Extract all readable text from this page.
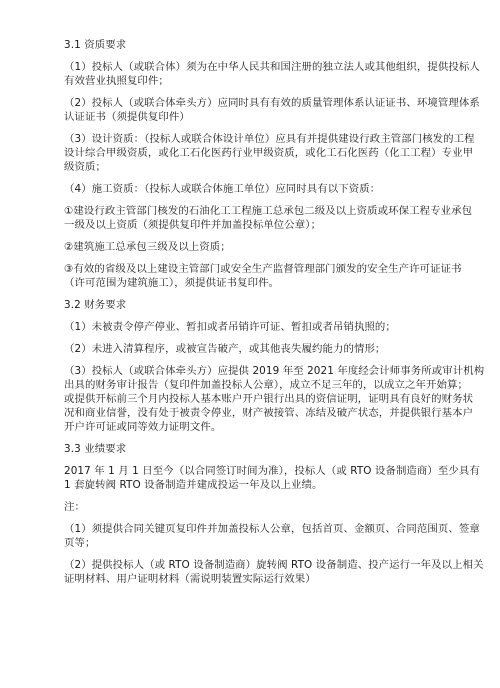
3.1 资质要求
（1）投标人（或联合体）须为在中华人民共和国注册的独立法人或其他组织，提供投标人
有效营业执照复印件；
（2）投标人（或联合体牵头方）应同时具有有效的质量管理体系认证证书、环境管理体系
认证证书（须提供复印件）
（3）设计资质：（投标人或联合体设计单位）应具有并提供建设行政主管部门核发的工程
设计综合甲级资质，或化工石化医药行业甲级资质，或化工石化医药（化工工程）专业甲
级资质；
（4）施工资质：（投标人或联合体施工单位）应同时具有以下资质：
①建设行政主管部门核发的石油化工工程施工总承包二级及以上资质或环保工程专业承包
一级及以上资质（须提供复印件并加盖投标单位公章）；
②建筑施工总承包三级及以上资质；
③有效的省级及以上建设主管部门或安全生产监督管理部门颁发的安全生产许可证证书
（许可范围为建筑施工），须提供证书复印件。
3.2 财务要求
（1）未被责令停产停业、暂扣或者吊销许可证、暂扣或者吊销执照的；
（2）未进入清算程序，或被宣告破产，或其他丧失履约能力的情形；
（3）投标人（或联合体牵头方）应提供 2019 年至 2021 年度经会计师事务所或审计机构
出具的财务审计报告（复印件加盖投标人公章），成立不足三年的，以成立之年开始算；
或提供开标前三个月内投标人基本账户开户银行出具的资信证明，证明具有良好的财务状
况和商业信誉，没有处于被责令停业，财产被接管、冻结及破产状态，并提供银行基本户
开户许可证或同等效力证明文件。
3.3 业绩要求
2017 年 1 月 1 日至今（以合同签订时间为准），投标人（或 RTO 设备制造商）至少具有
1 套旋转阀 RTO 设备制造并建成投运一年及以上业绩。
注：
（1）须提供合同关键页复印件并加盖投标人公章，包括首页、金额页、合同范围页、签章
页等；
（2）提供投标人（或 RTO 设备制造商）旋转阀 RTO 设备制造、投产运行一年及以上相关
证明材料、用户证明材料（需说明装置实际运行效果）
